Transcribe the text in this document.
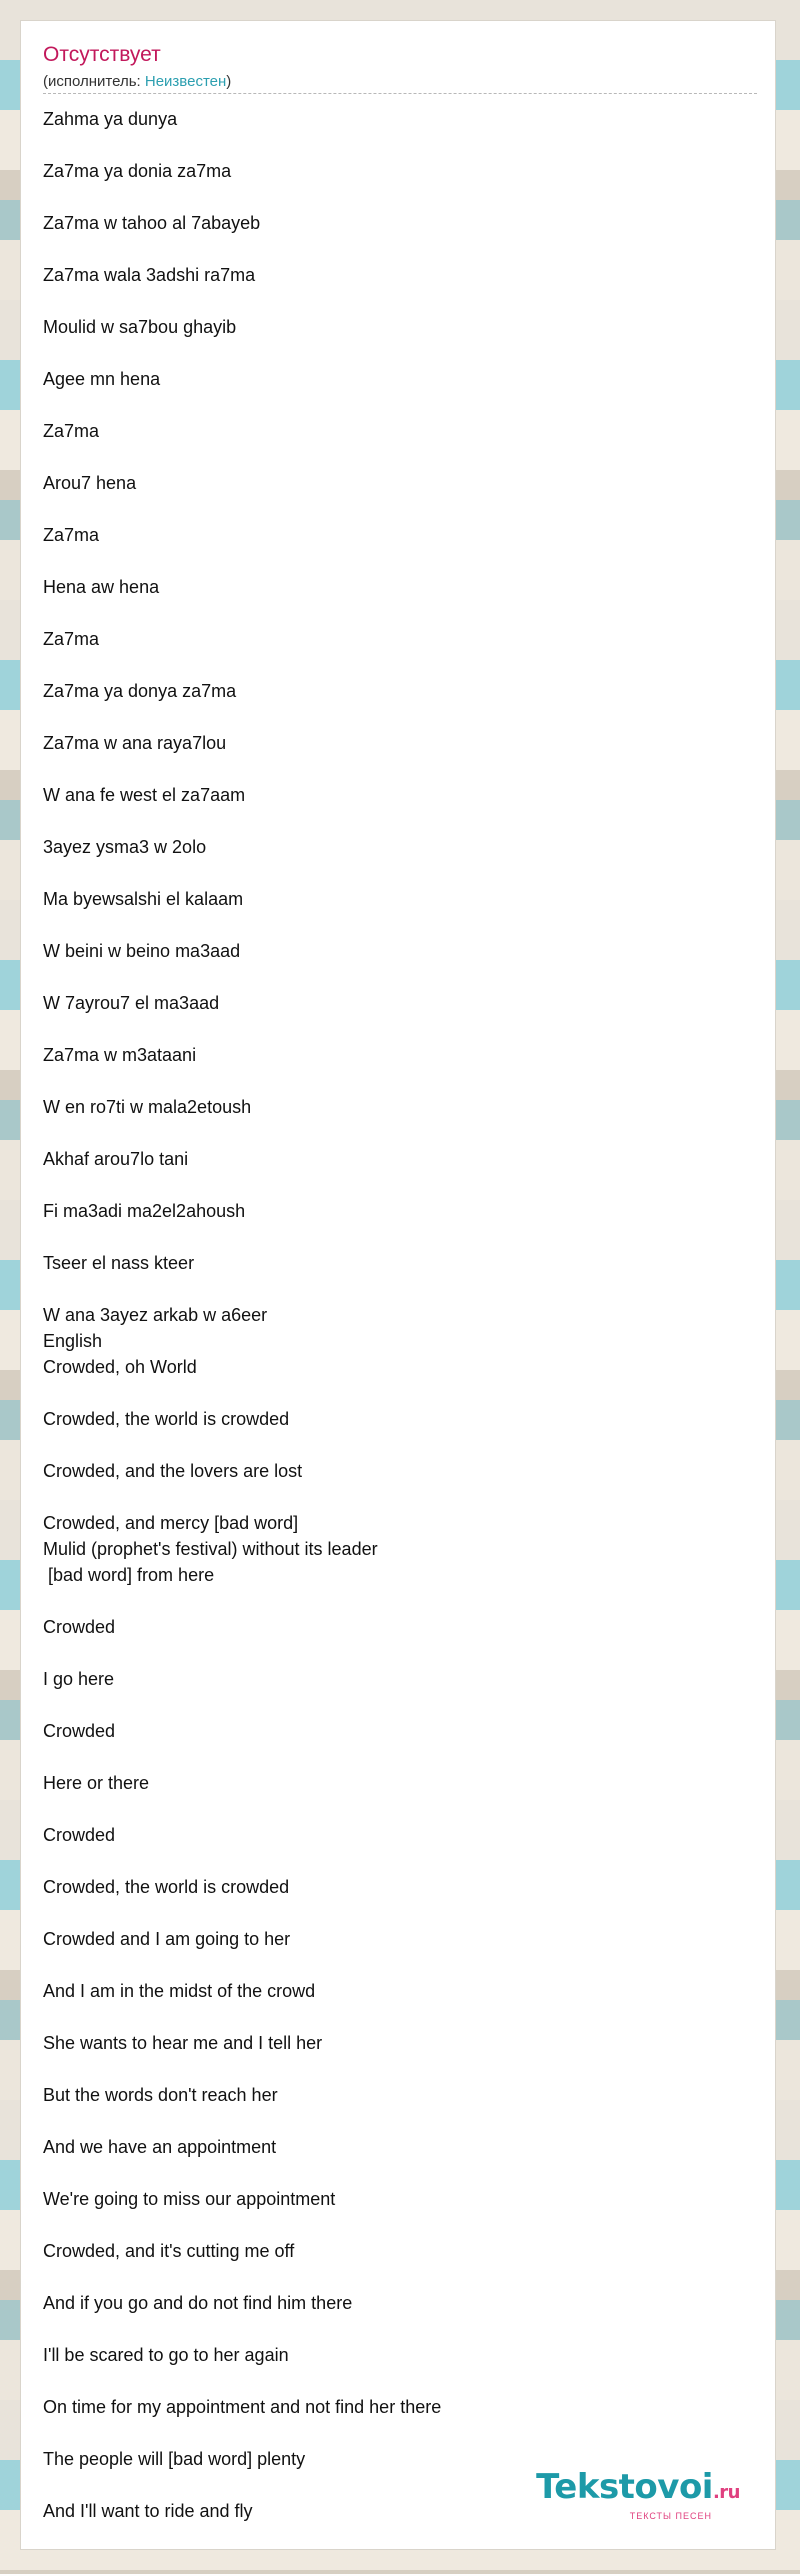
Отсутствует
(исполнитель: Неизвестен)
Zahma ya dunya

Za7ma ya donia za7ma

Za7ma w tahoo al 7abayeb

Za7ma wala 3adshi ra7ma

Moulid w sa7bou ghayib

Agee mn hena

Za7ma

Arou7 hena

Za7ma

Hena aw hena

Za7ma

Za7ma ya donya za7ma

Za7ma w ana raya7lou

W ana fe west el za7aam

3ayez ysma3 w 2olo

Ma byewsalshi el kalaam

W beini w beino ma3aad

W 7ayrou7 el ma3aad

Za7ma w m3ataani

W en ro7ti w mala2etoush

Akhaf arou7lo tani

Fi ma3adi ma2el2ahoush

Tseer el nass kteer

W ana 3ayez arkab w a6eer
English
Crowded, oh World

Crowded, the world is crowded

Crowded, and the lovers are lost

Crowded, and mercy [bad word]
Mulid (prophet's festival) without its leader
[bad word] from here

Crowded

I go here

Crowded

Here or there

Crowded

Crowded, the world is crowded

Crowded and I am going to her

And I am in the midst of the crowd

She wants to hear me and I tell her

But the words don't reach her

And we have an appointment

We're going to miss our appointment

Crowded, and it's cutting me off

And if you go and do not find him there

I'll be scared to go to her again

On time for my appointment and not find her there

The people will [bad word] plenty

And I'll want to ride and fly
Tekstovoi.ru
ТЕКСТЫ ПЕСЕН
